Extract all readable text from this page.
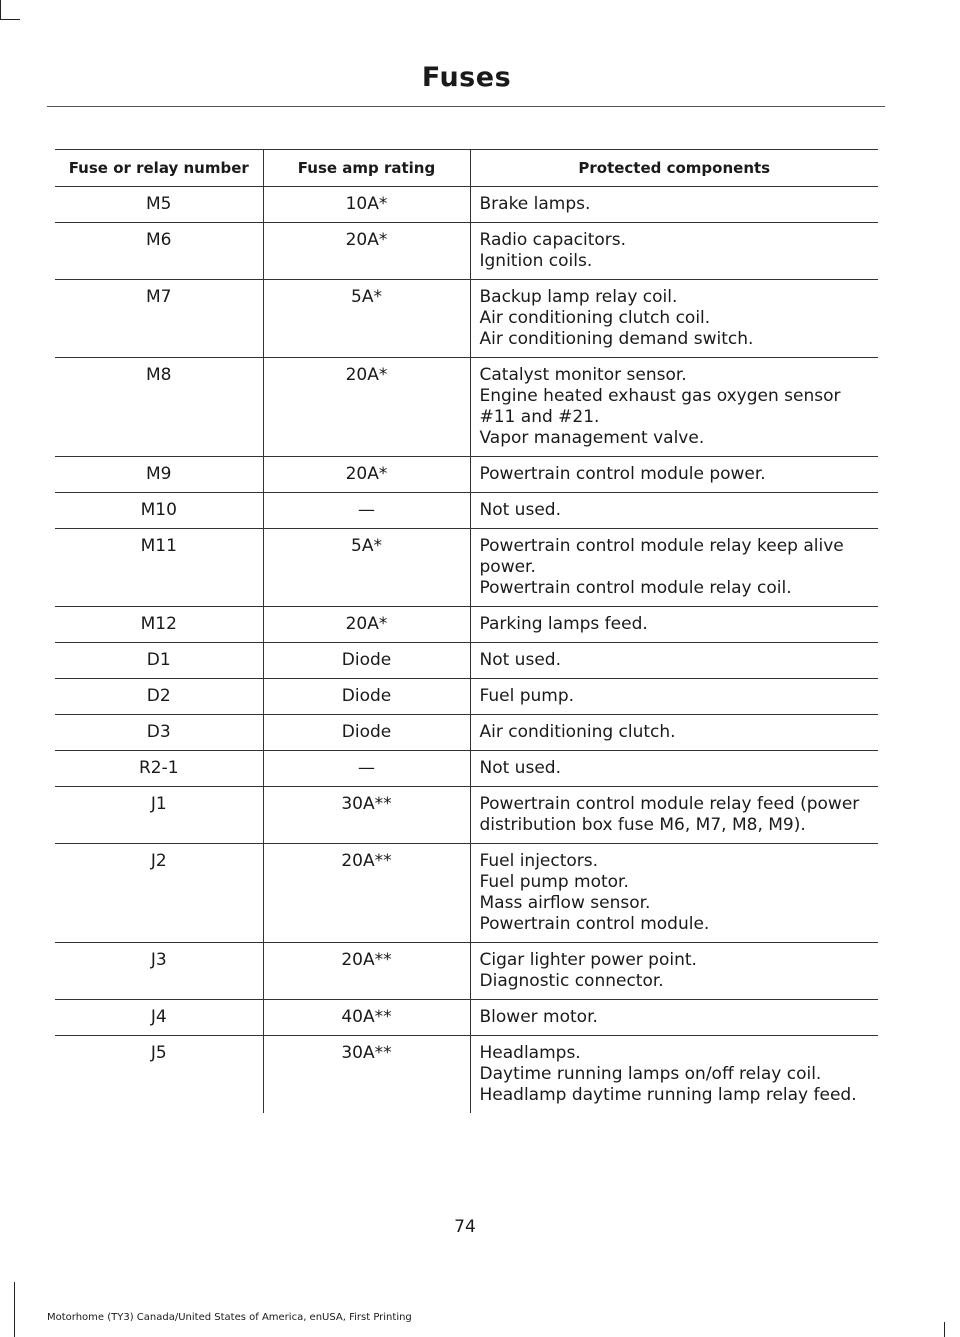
Fuses
Fuse or relay number	Fuse amp rating	Protected components
M5	10A*	Brake lamps.

M6	20A*	Radio capacitors.
Ignition coils.

M7	5A*	Backup lamp relay coil.
Air conditioning clutch coil.
Air conditioning demand switch.

M8	20A*	Catalyst monitor sensor.
Engine heated exhaust gas oxygen sensor #11 and #21.
Vapor management valve.

M9	20A*	Powertrain control module power.

M10	—	Not used.

M11	5A*	Powertrain control module relay keep alive power.
Powertrain control module relay coil.

M12	20A*	Parking lamps feed.

D1	Diode	Not used.

D2	Diode	Fuel pump.

D3	Diode	Air conditioning clutch.

R2-1	—	Not used.

J1	30A**	Powertrain control module relay feed (power distribution box fuse M6, M7, M8, M9).

J2	20A**	Fuel injectors.
Fuel pump motor.
Mass airflow sensor.
Powertrain control module.

J3	20A**	Cigar lighter power point.
Diagnostic connector.

J4	40A**	Blower motor.

J5	30A**	Headlamps.
Daytime running lamps on/off relay coil.
Headlamp daytime running lamp relay feed.
74
Motorhome (TY3) Canada/United States of America, enUSA, First Printing
